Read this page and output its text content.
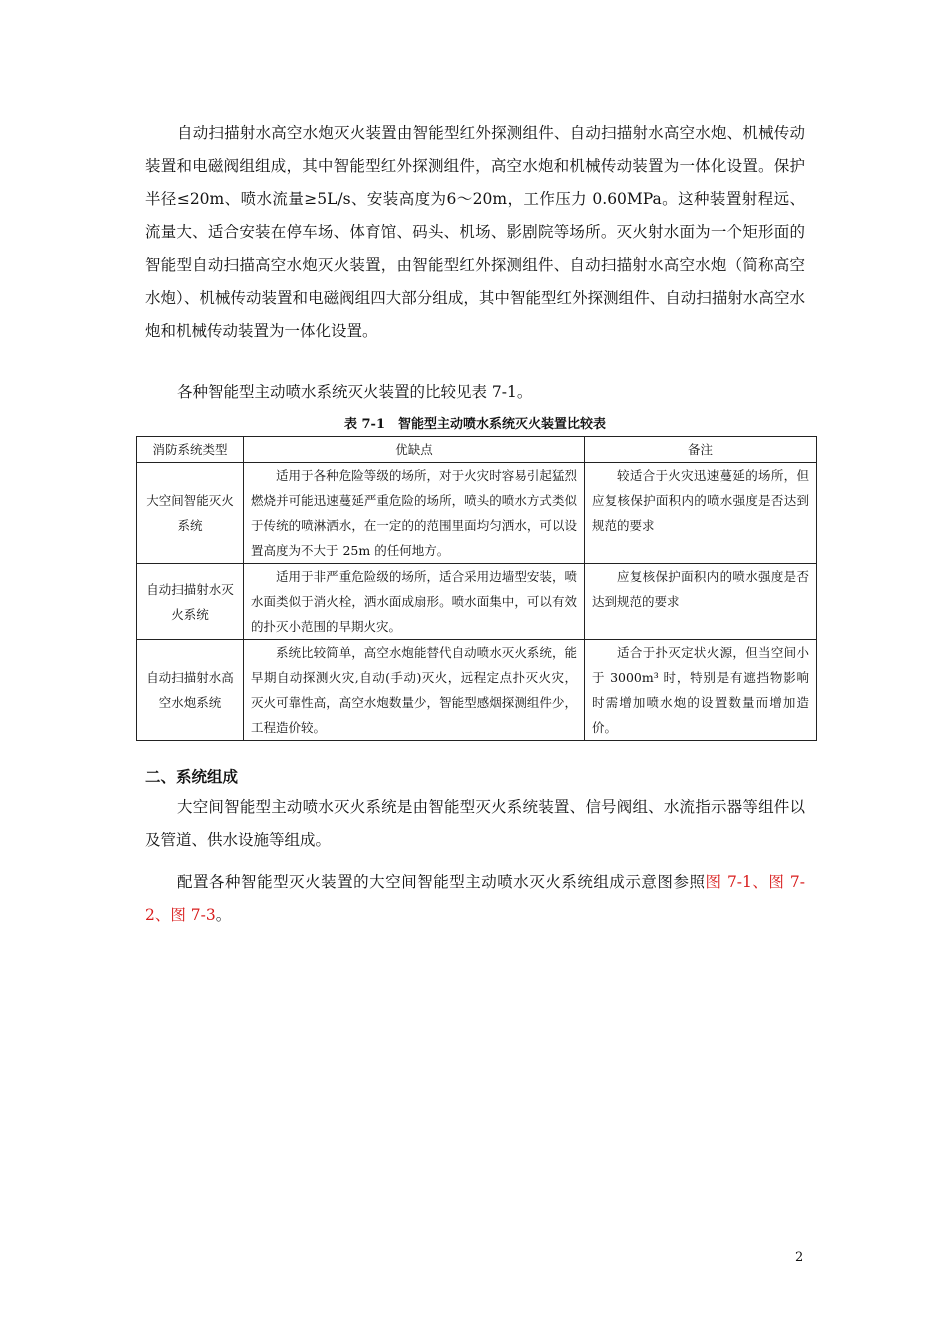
自动扫描射水高空水炮灭火装置由智能型红外探测组件、自动扫描射水高空水炮、机械传动装置和电磁阀组组成，其中智能型红外探测组件，高空水炮和机械传动装置为一体化设置。保护半径≤20m、喷水流量≥5L/s、安装高度为6～20m，工作压力 0.60MPa。这种装置射程远、流量大、适合安装在停车场、体育馆、码头、机场、影剧院等场所。灭火射水面为一个矩形面的智能型自动扫描高空水炮灭火装置，由智能型红外探测组件、自动扫描射水高空水炮（简称高空水炮）、机械传动装置和电磁阀组四大部分组成，其中智能型红外探测组件、自动扫描射水高空水炮和机械传动装置为一体化设置。

各种智能型主动喷水系统灭火装置的比较见表 7-1。

表 7-1　智能型主动喷水系统灭火装置比较表
消防系统类型	优缺点	备注
大空间智能灭火系统	适用于各种危险等级的场所，对于火灾时容易引起猛烈燃烧并可能迅速蔓延严重危险的场所，喷头的喷水方式类似于传统的喷淋洒水，在一定的的范围里面均匀洒水，可以设置高度为不大于 25m 的任何地方。	较适合于火灾迅速蔓延的场所，但应复核保护面积内的喷水强度是否达到规范的要求
自动扫描射水灭火系统	适用于非严重危险级的场所，适合采用边墙型安装，喷水面类似于消火栓，洒水面成扇形。喷水面集中，可以有效的扑灭小范围的早期火灾。	应复核保护面积内的喷水强度是否达到规范的要求
自动扫描射水高空水炮系统	系统比较简单，高空水炮能替代自动喷水灭火系统，能早期自动探测火灾,自动(手动)灭火，远程定点扑灭火灾，灭火可靠性高，高空水炮数量少，智能型感烟探测组件少，工程造价较。	适合于扑灭定状火源，但当空间小于 3000m³ 时，特别是有遮挡物影响时需增加喷水炮的设置数量而增加造价。
二、系统组成

大空间智能型主动喷水灭火系统是由智能型灭火系统装置、信号阀组、水流指示器等组件以及管道、供水设施等组成。

配置各种智能型灭火装置的大空间智能型主动喷水灭火系统组成示意图参照图 7-1、图 7-2、图 7-3。

2
